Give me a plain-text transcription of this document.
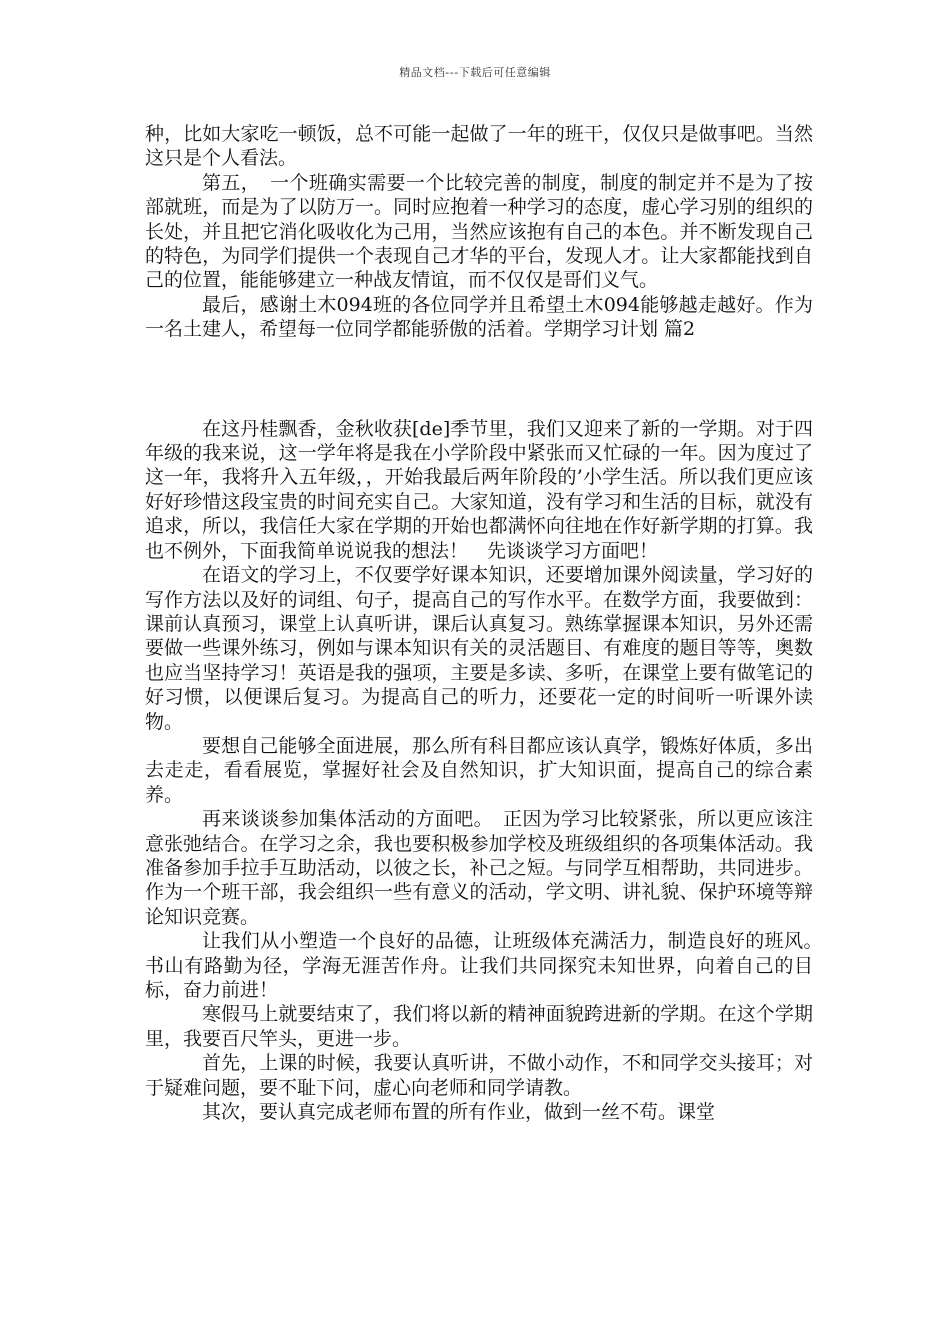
精品文档---下载后可任意编辑

种，比如大家吃一顿饭，总不可能一起做了一年的班干，仅仅只是做事吧。当然这只是个人看法。

第五，　一个班确实需要一个比较完善的制度，制度的制定并不是为了按部就班，而是为了以防万一。同时应抱着一种学习的态度，虚心学习别的组织的长处，并且把它消化吸收化为己用，当然应该抱有自己的本色。并不断发现自己的特色，为同学们提供一个表现自己才华的平台，发现人才。让大家都能找到自己的位置，能能够建立一种战友情谊，而不仅仅是哥们义气。

最后，感谢土木094班的各位同学并且希望土木094能够越走越好。作为一名土建人，希望每一位同学都能骄傲的活着。学期学习计划 篇2

在这丹桂飘香，金秋收获[de]季节里，我们又迎来了新的一学期。对于四年级的我来说，这一学年将是我在小学阶段中紧张而又忙碌的一年。因为度过了这一年，我将升入五年级，，开始我最后两年阶段的’小学生活。所以我们更应该好好珍惜这段宝贵的时间充实自己。大家知道，没有学习和生活的目标，就没有追求，所以，我信任大家在学期的开始也都满怀向往地在作好新学期的打算。我也不例外，下面我简单说说我的想法！　先谈谈学习方面吧！

在语文的学习上，不仅要学好课本知识，还要增加课外阅读量，学习好的写作方法以及好的词组、句子，提高自己的写作水平。在数学方面，我要做到：课前认真预习，课堂上认真听讲，课后认真复习。熟练掌握课本知识，另外还需要做一些课外练习，例如与课本知识有关的灵活题目、有难度的题目等等，奥数也应当坚持学习！英语是我的强项，主要是多读、多听，在课堂上要有做笔记的好习惯，以便课后复习。为提高自己的听力，还要花一定的时间听一听课外读物。

要想自己能够全面进展，那么所有科目都应该认真学，锻炼好体质，多出去走走，看看展览，掌握好社会及自然知识，扩大知识面，提高自己的综合素养。

再来谈谈参加集体活动的方面吧。　正因为学习比较紧张，所以更应该注意张弛结合。在学习之余，我也要积极参加学校及班级组织的各项集体活动。我准备参加手拉手互助活动，以彼之长，补己之短。与同学互相帮助，共同进步。作为一个班干部，我会组织一些有意义的活动，学文明、讲礼貌、保护环境等辩论知识竞赛。

让我们从小塑造一个良好的品德，让班级体充满活力，制造良好的班风。　书山有路勤为径，学海无涯苦作舟。让我们共同探究未知世界，向着自己的目标，奋力前进！

寒假马上就要结束了，我们将以新的精神面貌跨进新的学期。在这个学期里，我要百尺竿头，更进一步。

首先，上课的时候，我要认真听讲，不做小动作，不和同学交头接耳；对于疑难问题，要不耻下问，虚心向老师和同学请教。

其次，要认真完成老师布置的所有作业，做到一丝不苟。课堂
